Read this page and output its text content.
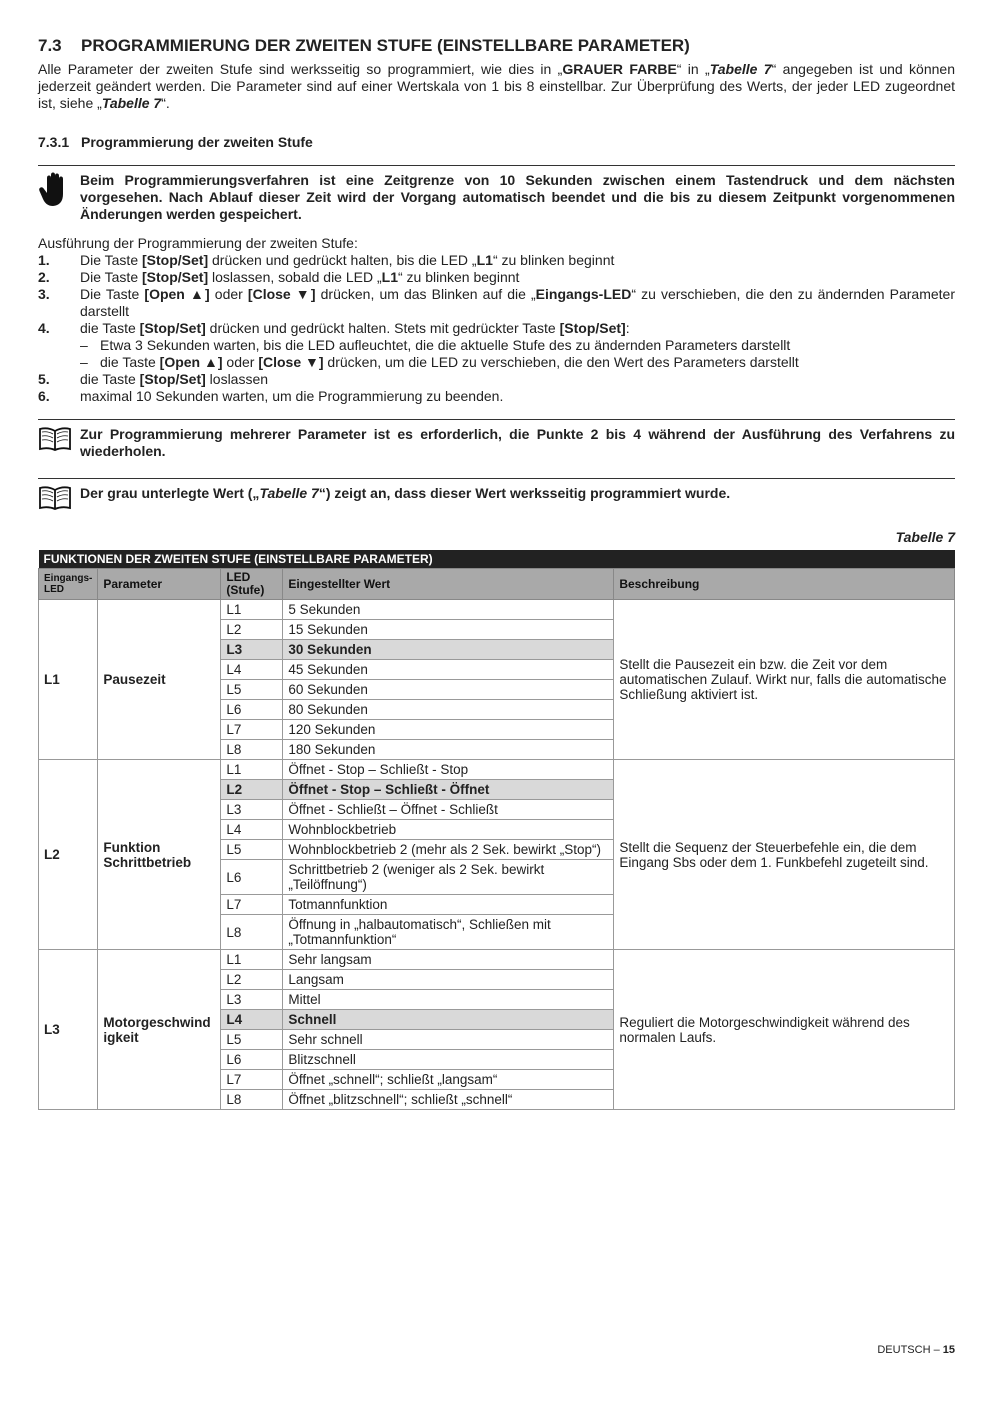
7.3 PROGRAMMIERUNG DER ZWEITEN STUFE (EINSTELLBARE PARAMETER)

Alle Parameter der zweiten Stufe sind werksseitig so programmiert, wie dies in „GRAUER FARBE“ in „Tabelle 7“ angegeben ist und können jederzeit geändert werden. Die Parameter sind auf einer Wertskala von 1 bis 8 einstellbar. Zur Überprüfung des Werts, der jeder LED zugeordnet ist, siehe „Tabelle 7“.

7.3.1 Programmierung der zweiten Stufe
Beim Programmierungsverfahren ist eine Zeitgrenze von 10 Sekunden zwischen einem Tastendruck und dem nächsten vorgesehen. Nach Ablauf dieser Zeit wird der Vorgang automatisch beendet und die bis zu diesem Zeitpunkt vorgenommenen Änderungen werden gespeichert.
Ausführung der Programmierung der zweiten Stufe:
1.	Die Taste [Stop/Set] drücken und gedrückt halten, bis die LED „L1“ zu blinken beginnt
2.	Die Taste [Stop/Set] loslassen, sobald die LED „L1“ zu blinken beginnt
3.	Die Taste [Open ▲] oder [Close ▼] drücken, um das Blinken auf die „Eingangs-LED“ zu verschieben, die den zu ändernden Parameter darstellt
4.	die Taste [Stop/Set] drücken und gedrückt halten. Stets mit gedrückter Taste [Stop/Set]:
– Etwa 3 Sekunden warten, bis die LED aufleuchtet, die die aktuelle Stufe des zu ändernden Parameters darstellt
– die Taste [Open ▲] oder [Close ▼] drücken, um die LED zu verschieben, die den Wert des Parameters darstellt
5.	die Taste [Stop/Set] loslassen
6.	maximal 10 Sekunden warten, um die Programmierung zu beenden.
Zur Programmierung mehrerer Parameter ist es erforderlich, die Punkte 2 bis 4 während der Ausführung des Verfahrens zu wiederholen.
Der grau unterlegte Wert („Tabelle 7“) zeigt an, dass dieser Wert werksseitig programmiert wurde.
Tabelle 7
FUNKTIONEN DER ZWEITEN STUFE (EINSTELLBARE PARAMETER)				
Eingangs-LED	Parameter	LED (Stufe)	Eingestellter Wert	Beschreibung
L1	Pausezeit	L1	5 Sekunden	Stellt die Pausezeit ein bzw. die Zeit vor dem automatischen Zulauf. Wirkt nur, falls die automatische Schließung aktiviert ist.
		L2	15 Sekunden	
		L3	30 Sekunden	
		L4	45 Sekunden	
		L5	60 Sekunden	
		L6	80 Sekunden	
		L7	120 Sekunden	
		L8	180 Sekunden	
L2	Funktion Schrittbetrieb	L1	Öffnet - Stop – Schließt - Stop	Stellt die Sequenz der Steuerbefehle ein, die dem Eingang Sbs oder dem 1. Funkbefehl zugeteilt sind.
		L2	Öffnet - Stop – Schließt - Öffnet	
		L3	Öffnet - Schließt – Öffnet - Schließt	
		L4	Wohnblockbetrieb	
		L5	Wohnblockbetrieb 2 (mehr als 2 Sek. bewirkt „Stop“)	
		L6	Schrittbetrieb 2 (weniger als 2 Sek. bewirkt „Teilöffnung“)	
		L7	Totmannfunktion	
		L8	Öffnung in „halbautomatisch“, Schließen mit „Totmannfunktion“	
L3	Motorgeschwind igkeit	L1	Sehr langsam	Reguliert die Motorgeschwindigkeit während des normalen Laufs.
		L2	Langsam	
		L3	Mittel	
		L4	Schnell	
		L5	Sehr schnell	
		L6	Blitzschnell	
		L7	Öffnet „schnell“; schließt „langsam“	
		L8	Öffnet „blitzschnell“; schließt „schnell“	
DEUTSCH – 15
